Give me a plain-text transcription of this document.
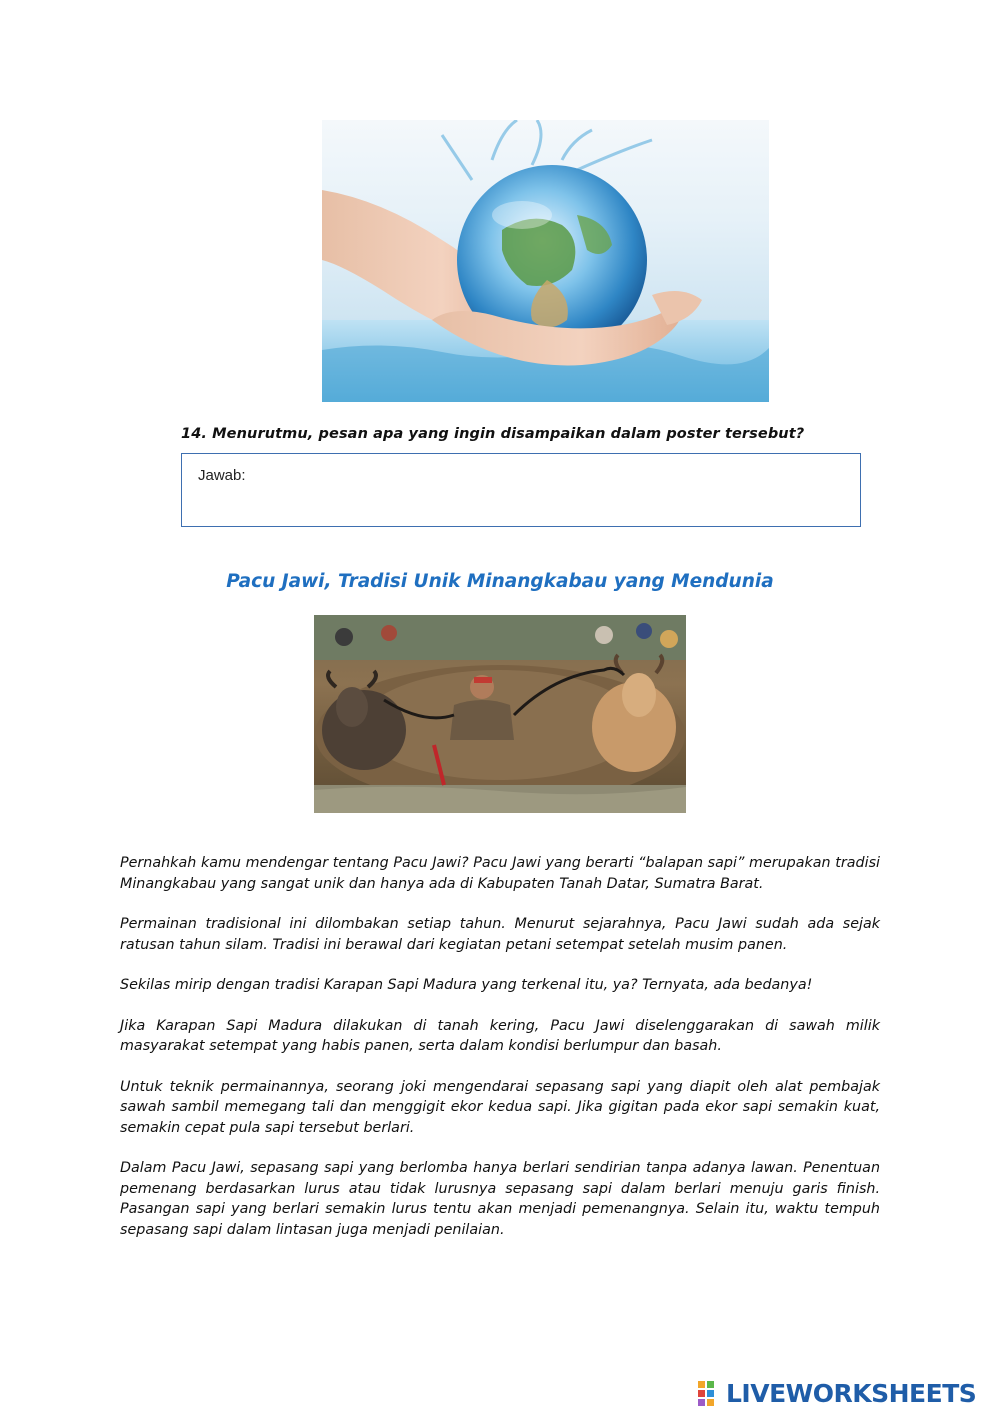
14. Menurutmu, pesan apa yang ingin disampaikan dalam poster tersebut?
Jawab:
Pacu Jawi, Tradisi Unik Minangkabau yang Mendunia

Pernahkah kamu mendengar tentang Pacu Jawi? Pacu Jawi yang berarti “balapan sapi” merupakan tradisi Minangkabau yang sangat unik dan hanya ada di Kabupaten Tanah Datar, Sumatra Barat.

Permainan tradisional ini dilombakan setiap tahun. Menurut sejarahnya, Pacu Jawi sudah ada sejak ratusan tahun silam. Tradisi ini berawal dari kegiatan petani setempat setelah musim panen.

Sekilas mirip dengan tradisi Karapan Sapi Madura yang terkenal itu, ya? Ternyata, ada bedanya!

Jika Karapan Sapi Madura dilakukan di tanah kering, Pacu Jawi diselenggarakan di sawah milik masyarakat setempat yang habis panen, serta dalam kondisi berlumpur dan basah.

Untuk teknik permainannya, seorang joki mengendarai sepasang sapi yang diapit oleh alat pembajak sawah sambil memegang tali dan menggigit ekor kedua sapi. Jika gigitan pada ekor sapi semakin kuat, semakin cepat pula sapi tersebut berlari.

Dalam Pacu Jawi, sepasang sapi yang berlomba hanya berlari sendirian tanpa adanya lawan. Penentuan pemenang berdasarkan lurus atau tidak lurusnya sepasang sapi dalam berlari menuju garis finish. Pasangan sapi yang berlari semakin lurus tentu akan menjadi pemenangnya. Selain itu, waktu tempuh sepasang sapi dalam lintasan juga menjadi penilaian.

LIVEWORKSHEETS
